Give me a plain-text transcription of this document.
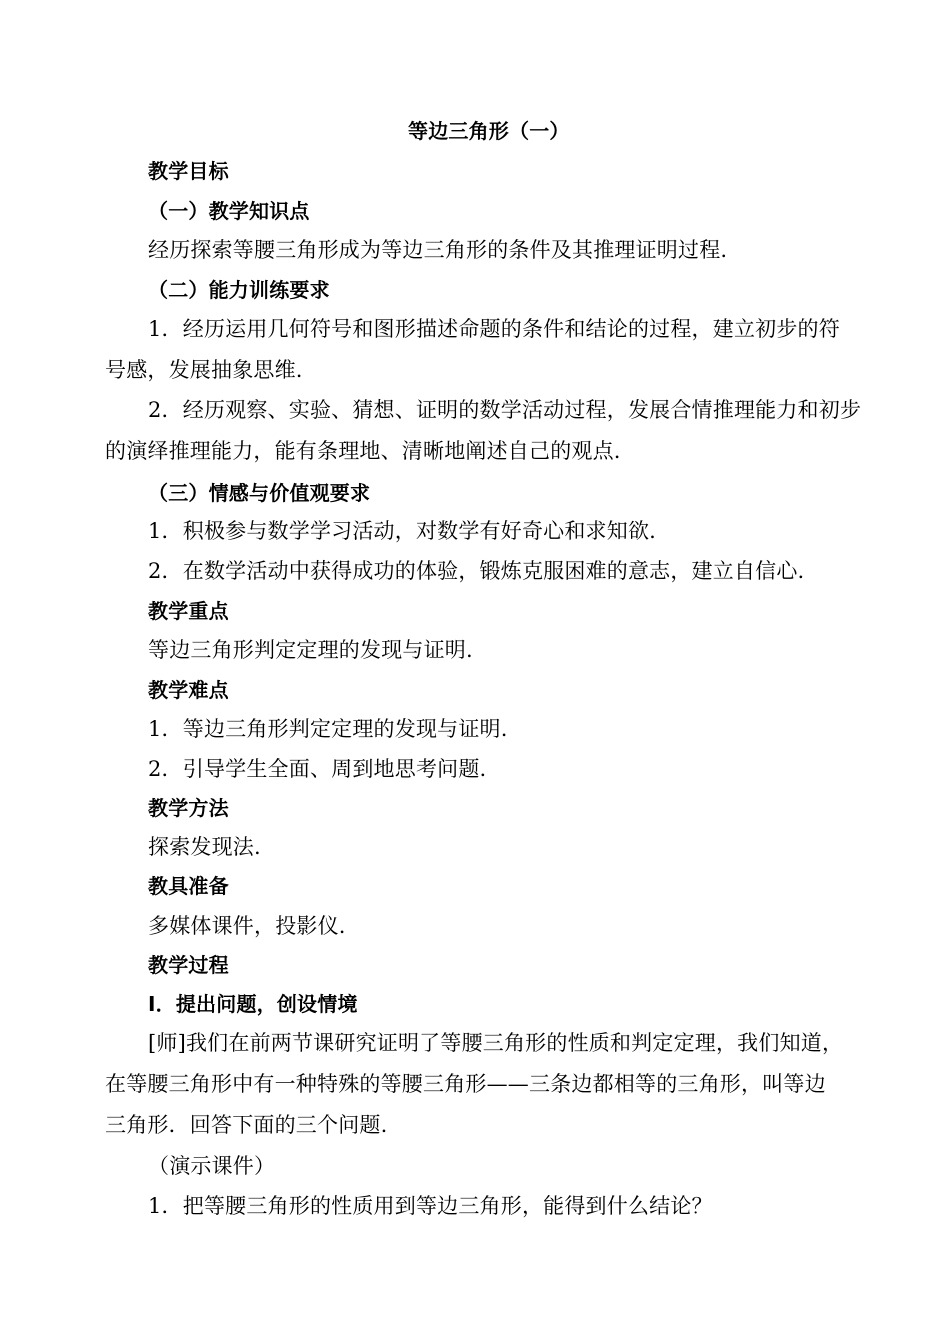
等边三角形（一）
教学目标
（一）教学知识点
经历探索等腰三角形成为等边三角形的条件及其推理证明过程.
（二）能力训练要求
1．经历运用几何符号和图形描述命题的条件和结论的过程，建立初步的符
号感，发展抽象思维.
2．经历观察、实验、猜想、证明的数学活动过程，发展合情推理能力和初步
的演绎推理能力，能有条理地、清晰地阐述自己的观点.
（三）情感与价值观要求
1．积极参与数学学习活动，对数学有好奇心和求知欲.
2．在数学活动中获得成功的体验，锻炼克服困难的意志，建立自信心.
教学重点
等边三角形判定定理的发现与证明.
教学难点
1．等边三角形判定定理的发现与证明.
2．引导学生全面、周到地思考问题.
教学方法
探索发现法.
教具准备
多媒体课件，投影仪.
教学过程
Ⅰ．提出问题，创设情境
[师]我们在前两节课研究证明了等腰三角形的性质和判定定理，我们知道，
在等腰三角形中有一种特殊的等腰三角形——三条边都相等的三角形，叫等边
三角形．回答下面的三个问题.
（演示课件）
1．把等腰三角形的性质用到等边三角形，能得到什么结论？
